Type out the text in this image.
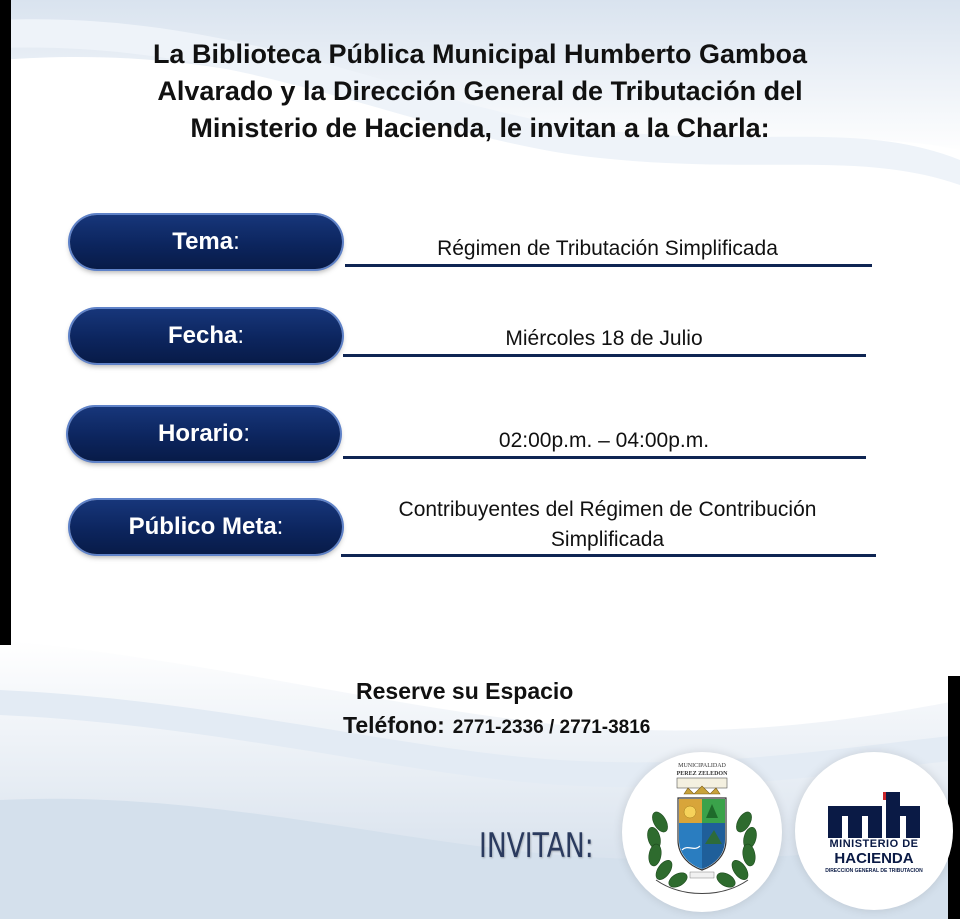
La Biblioteca Pública Municipal Humberto Gamboa
Alvarado y la Dirección General de Tributación del
Ministerio de Hacienda, le invitan a la Charla:
Tema :	Régimen de Tributación Simplificada
Fecha :	Miércoles 18 de Julio
Horario :	02:00p.m. – 04:00p.m.
Público Meta :
Contribuyentes del Régimen de Contribución
Simplificada
Reserve su Espacio
Teléfono: 2771-2336 / 2771-3816
INVITAN:
MUNICIPALIDAD
PEREZ ZELEDON
MINISTERIO DE
HACIENDA
DIRECCION GENERAL DE TRIBUTACION
